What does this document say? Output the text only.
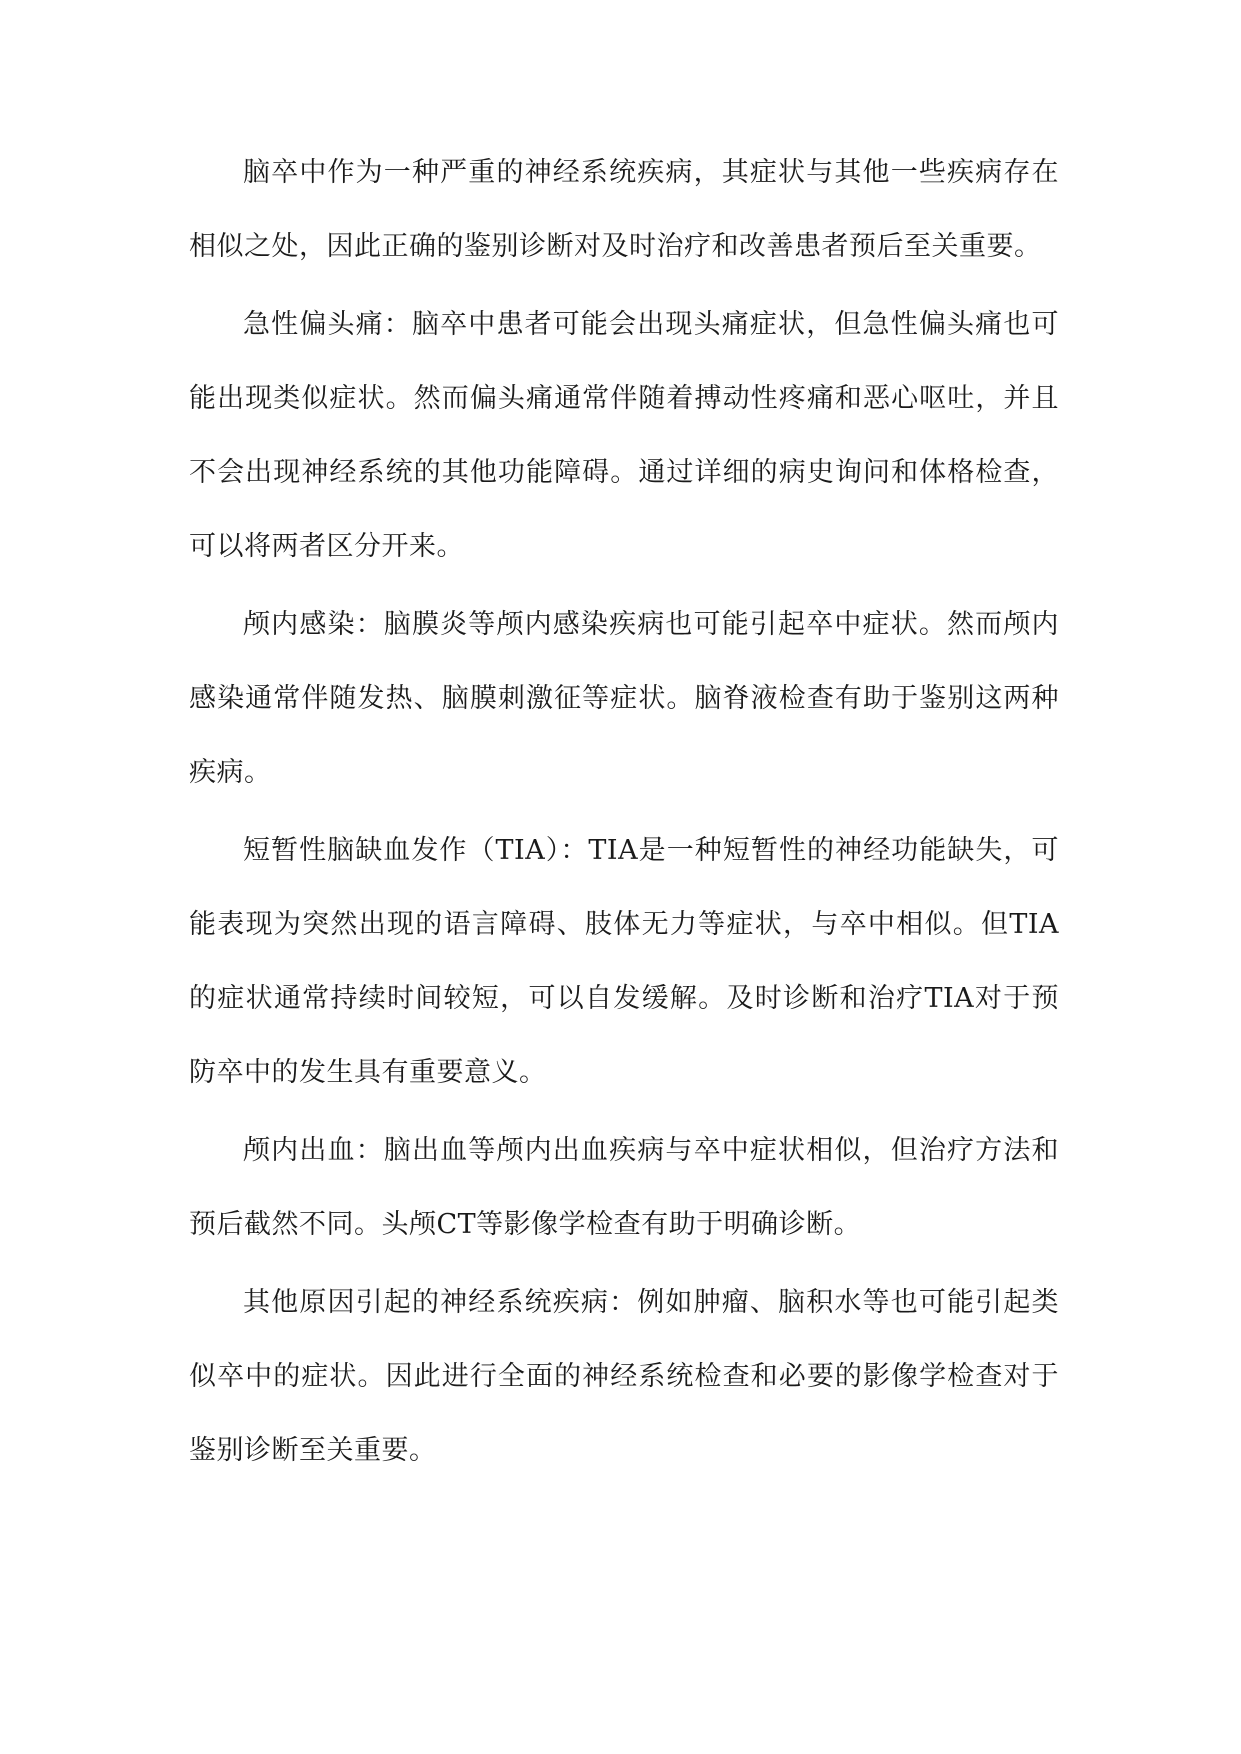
脑卒中作为一种严重的神经系统疾病，其症状与其他一些疾病存在相似之处，因此正确的鉴别诊断对及时治疗和改善患者预后至关重要。

急性偏头痛：脑卒中患者可能会出现头痛症状，但急性偏头痛也可能出现类似症状。然而偏头痛通常伴随着搏动性疼痛和恶心呕吐，并且不会出现神经系统的其他功能障碍。通过详细的病史询问和体格检查，可以将两者区分开来。

颅内感染：脑膜炎等颅内感染疾病也可能引起卒中症状。然而颅内感染通常伴随发热、脑膜刺激征等症状。脑脊液检查有助于鉴别这两种疾病。

短暂性脑缺血发作（TIA）：TIA是一种短暂性的神经功能缺失，可能表现为突然出现的语言障碍、肢体无力等症状，与卒中相似。但TIA的症状通常持续时间较短，可以自发缓解。及时诊断和治疗TIA对于预防卒中的发生具有重要意义。

颅内出血：脑出血等颅内出血疾病与卒中症状相似，但治疗方法和预后截然不同。头颅CT等影像学检查有助于明确诊断。

其他原因引起的神经系统疾病：例如肿瘤、脑积水等也可能引起类似卒中的症状。因此进行全面的神经系统检查和必要的影像学检查对于鉴别诊断至关重要。
